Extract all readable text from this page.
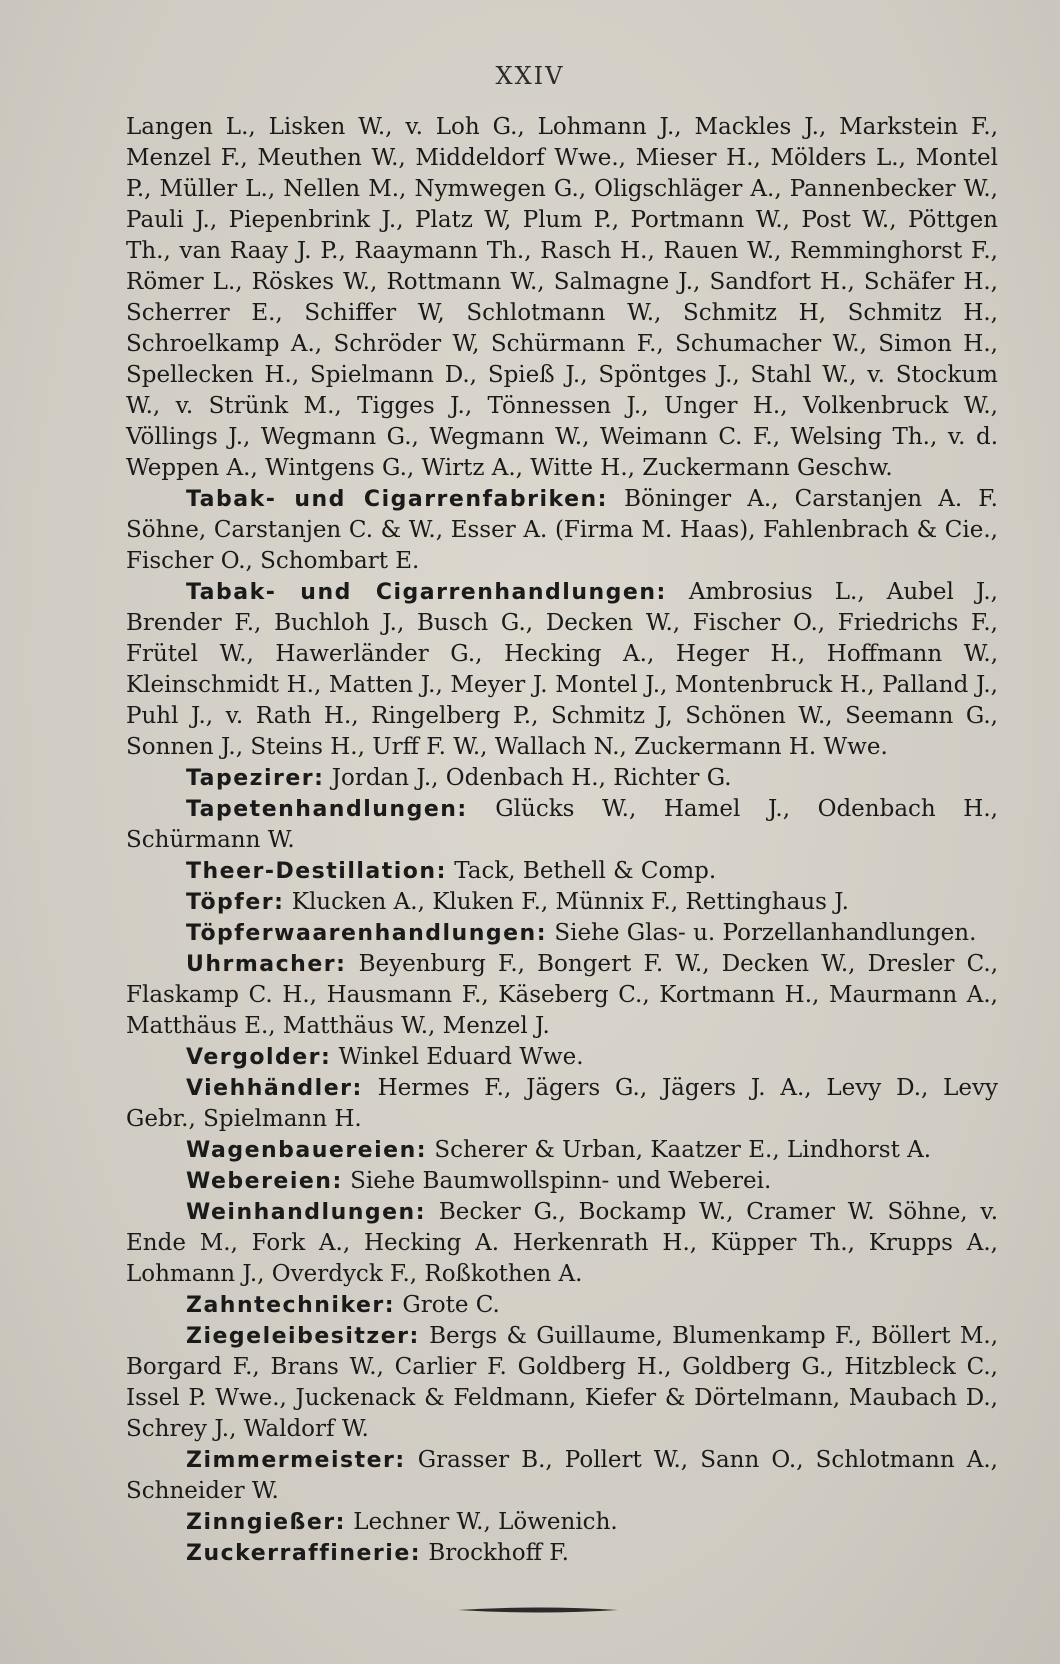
XXIV

Langen L., Lisken W., v. Loh G., Lohmann J., Mackles J., Markstein F., Menzel F., Meuthen W., Middeldorf Wwe., Mieser H., Mölders L., Montel P., Müller L., Nellen M., Nymwegen G., Oligschläger A., Pannenbecker W., Pauli J., Piepenbrink J., Platz W, Plum P., Portmann W., Post W., Pöttgen Th., van Raay J. P., Raaymann Th., Rasch H., Rauen W., Remminghorst F., Römer L., Röskes W., Rottmann W., Salmagne J., Sandfort H., Schäfer H., Scherrer E., Schiffer W, Schlotmann W., Schmitz H, Schmitz H., Schroelkamp A., Schröder W, Schürmann F., Schumacher W., Simon H., Spellecken H., Spielmann D., Spieß J., Spöntges J., Stahl W., v. Stockum W., v. Strünk M., Tigges J., Tönnessen J., Unger H., Volkenbruck W., Völlings J., Wegmann G., Wegmann W., Weimann C. F., Welsing Th., v. d. Weppen A., Wintgens G., Wirtz A., Witte H., Zuckermann Geschw.

Tabak- und Cigarrenfabriken: Böninger A., Carstanjen A. F. Söhne, Carstanjen C. & W., Esser A. (Firma M. Haas), Fahlenbrach & Cie., Fischer O., Schombart E.

Tabak- und Cigarrenhandlungen: Ambrosius L., Aubel J., Brender F., Buchloh J., Busch G., Decken W., Fischer O., Friedrichs F., Frütel W., Hawerländer G., Hecking A., Heger H., Hoffmann W., Kleinschmidt H., Matten J., Meyer J. Montel J., Montenbruck H., Palland J., Puhl J., v. Rath H., Ringelberg P., Schmitz J, Schönen W., Seemann G., Sonnen J., Steins H., Urff F. W., Wallach N., Zuckermann H. Wwe.

Tapezirer: Jordan J., Odenbach H., Richter G.

Tapetenhandlungen: Glücks W., Hamel J., Odenbach H., Schürmann W.

Theer-Destillation: Tack, Bethell & Comp.

Töpfer: Klucken A., Kluken F., Münnix F., Rettinghaus J.

Töpferwaarenhandlungen: Siehe Glas- u. Porzellanhandlungen.

Uhrmacher: Beyenburg F., Bongert F. W., Decken W., Dresler C., Flaskamp C. H., Hausmann F., Käseberg C., Kortmann H., Maurmann A., Matthäus E., Matthäus W., Menzel J.

Vergolder: Winkel Eduard Wwe.

Viehhändler: Hermes F., Jägers G., Jägers J. A., Levy D., Levy Gebr., Spielmann H.

Wagenbauereien: Scherer & Urban, Kaatzer E., Lindhorst A.

Webereien: Siehe Baumwollspinn- und Weberei.

Weinhandlungen: Becker G., Bockamp W., Cramer W. Söhne, v. Ende M., Fork A., Hecking A. Herkenrath H., Küpper Th., Krupps A., Lohmann J., Overdyck F., Roßkothen A.

Zahntechniker: Grote C.

Ziegeleibesitzer: Bergs & Guillaume, Blumenkamp F., Böllert M., Borgard F., Brans W., Carlier F. Goldberg H., Goldberg G., Hitzbleck C., Issel P. Wwe., Juckenack & Feldmann, Kiefer & Dörtelmann, Maubach D., Schrey J., Waldorf W.

Zimmermeister: Grasser B., Pollert W., Sann O., Schlotmann A., Schneider W.

Zinngießer: Lechner W., Löwenich.

Zuckerraffinerie: Brockhoff F.
